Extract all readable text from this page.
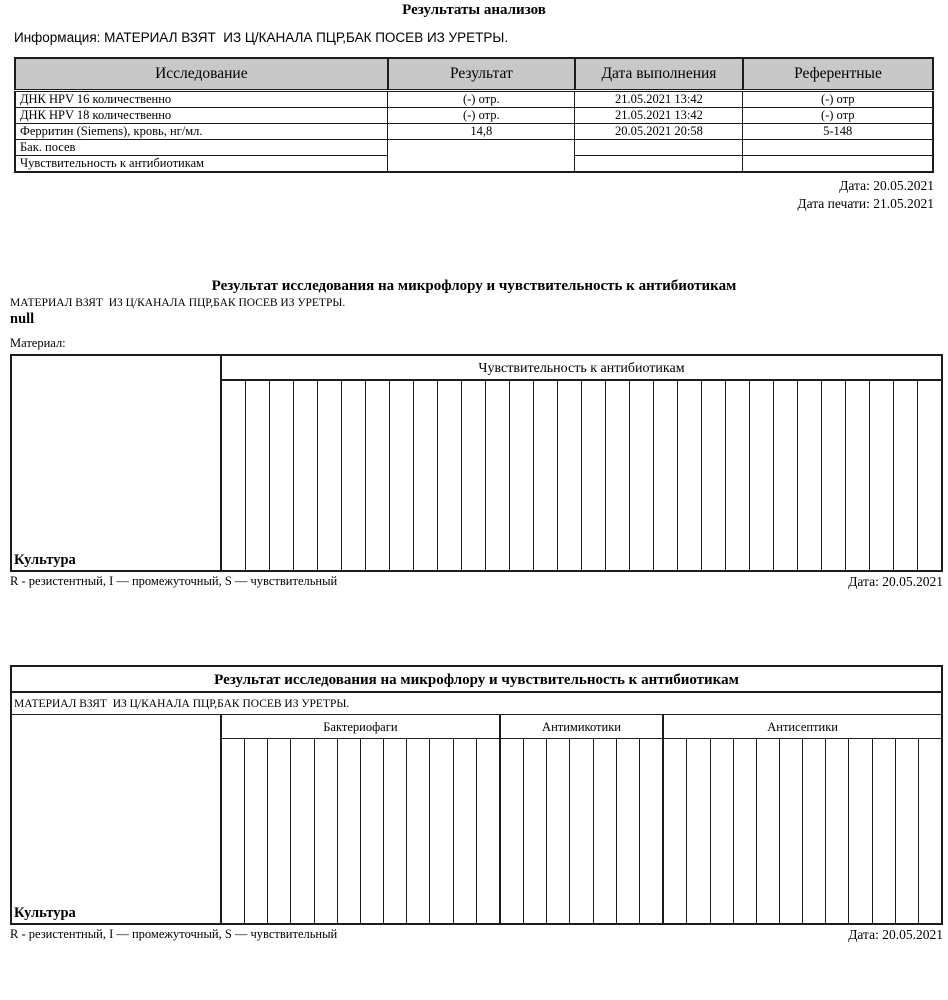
Результаты анализов
Информация: МАТЕРИАЛ ВЗЯТ  ИЗ Ц/КАНАЛА ПЦР,БАК ПОСЕВ ИЗ УРЕТРЫ.
Исследование	Результат	Дата выполнения	Референтные
ДНК HPV 16 количественно	(-) отр.	21.05.2021 13:42	(-) отр
ДНК HPV 18 количественно	(-) отр.	21.05.2021 13:42	(-) отр
Ферритин (Siemens), кровь, нг/мл.	14,8	20.05.2021 20:58	5-148
Бак. посев			
Чувствительность к антибиотикам			
Дата: 20.05.2021
Дата печати: 21.05.2021
Результат исследования на микрофлору и чувствительность к антибиотикам
МАТЕРИАЛ ВЗЯТ  ИЗ Ц/КАНАЛА ПЦР,БАК ПОСЕВ ИЗ УРЕТРЫ.
null
Материал:
Культура
Чувствительность к антибиотикам
R - резистентный, I — промежуточный, S — чувствительный	Дата: 20.05.2021
Результат исследования на микрофлору и чувствительность к антибиотикам
МАТЕРИАЛ ВЗЯТ  ИЗ Ц/КАНАЛА ПЦР,БАК ПОСЕВ ИЗ УРЕТРЫ.
Культура
Бактериофаги	Антимикотики	Антисептики
R - резистентный, I — промежуточный, S — чувствительный	Дата: 20.05.2021
